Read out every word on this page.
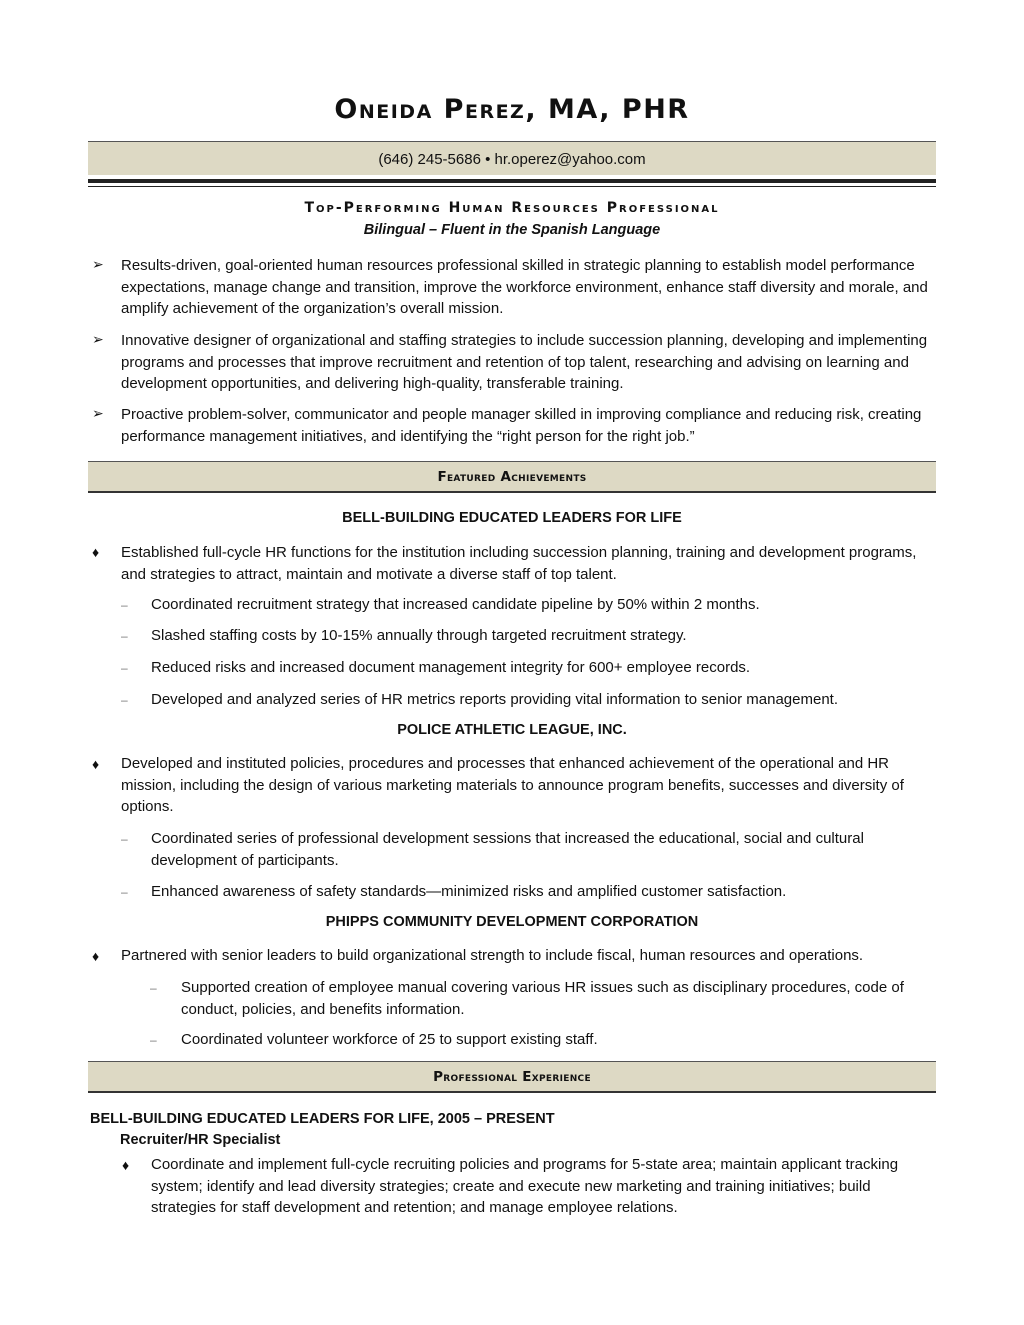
Oneida Perez, MA, PHR
(646) 245-5686 • hr.operez@yahoo.com
Top-Performing Human Resources Professional
Bilingual – Fluent in the Spanish Language
➢ Results-driven, goal-oriented human resources professional skilled in strategic planning to establish model performance expectations, manage change and transition, improve the workforce environment, enhance staff diversity and morale, and amplify achievement of the organization’s overall mission.
➢ Innovative designer of organizational and staffing strategies to include succession planning, developing and implementing programs and processes that improve recruitment and retention of top talent, researching and advising on learning and development opportunities, and delivering high-quality, transferable training.
➢ Proactive problem-solver, communicator and people manager skilled in improving compliance and reducing risk, creating performance management initiatives, and identifying the “right person for the right job.”
Featured Achievements
BELL-BUILDING EDUCATED LEADERS FOR LIFE
♦ Established full-cycle HR functions for the institution including succession planning, training and development programs, and strategies to attract, maintain and motivate a diverse staff of top talent.
– Coordinated recruitment strategy that increased candidate pipeline by 50% within 2 months.
– Slashed staffing costs by 10-15% annually through targeted recruitment strategy.
– Reduced risks and increased document management integrity for 600+ employee records.
– Developed and analyzed series of HR metrics reports providing vital information to senior management.
POLICE ATHLETIC LEAGUE, INC.
♦ Developed and instituted policies, procedures and processes that enhanced achievement of the operational and HR mission, including the design of various marketing materials to announce program benefits, successes and diversity of options.
– Coordinated series of professional development sessions that increased the educational, social and cultural development of participants.
– Enhanced awareness of safety standards—minimized risks and amplified customer satisfaction.
PHIPPS COMMUNITY DEVELOPMENT CORPORATION
♦ Partnered with senior leaders to build organizational strength to include fiscal, human resources and operations.
– Supported creation of employee manual covering various HR issues such as disciplinary procedures, code of conduct, policies, and benefits information.
– Coordinated volunteer workforce of 25 to support existing staff.
Professional Experience
BELL-BUILDING EDUCATED LEADERS FOR LIFE, 2005 – PRESENT
Recruiter/HR Specialist
♦ Coordinate and implement full-cycle recruiting policies and programs for 5-state area; maintain applicant tracking system; identify and lead diversity strategies; create and execute new marketing and training initiatives; build strategies for staff development and retention; and manage employee relations.
